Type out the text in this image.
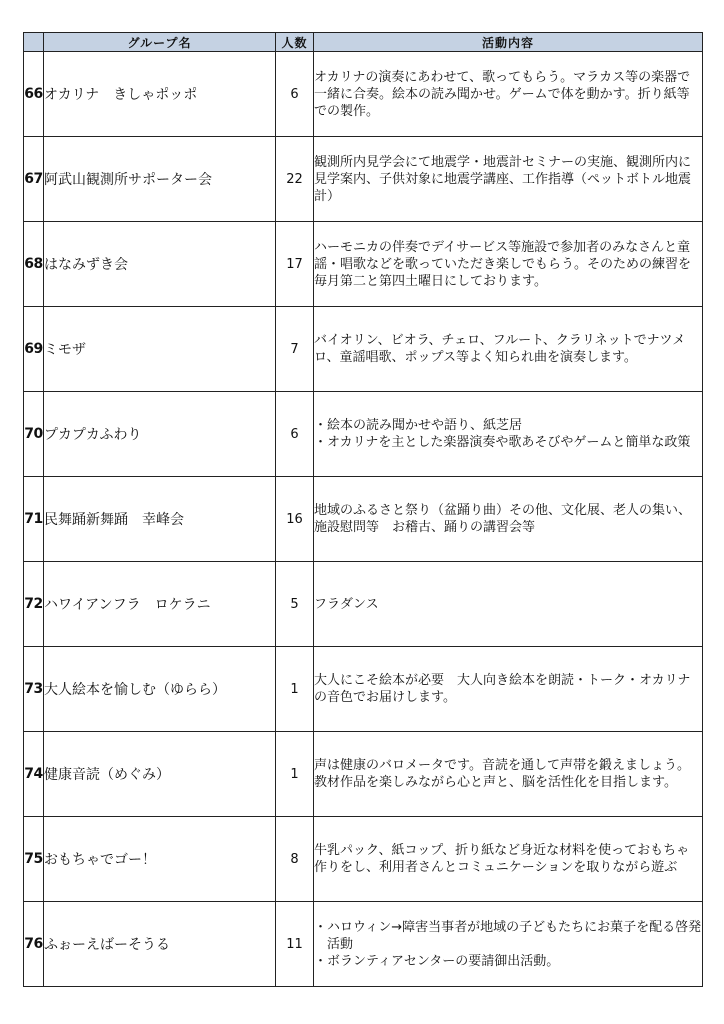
	グループ名	人数	活動内容
66	オカリナ　きしゃポッポ	6	オカリナの演奏にあわせて、歌ってもらう。マラカス等の楽器で一緒に合奏。絵本の読み聞かせ。ゲームで体を動かす。折り紙等での製作。

67	阿武山観測所サポーター会	22	観測所内見学会にて地震学・地震計セミナーの実施、観測所内に見学案内、子供対象に地震学講座、工作指導（ペットボトル地震計）

68	はなみずき会	17	ハーモニカの伴奏でデイサービス等施設で参加者のみなさんと童謡・唱歌などを歌っていただき楽しでもらう。そのための練習を毎月第二と第四土曜日にしております。

69	ミモザ	7	バイオリン、ビオラ、チェロ、フルート、クラリネットでナツメロ、童謡唱歌、ポップス等よく知られ曲を演奏します。

70	プカプカふわり	6	・絵本の読み聞かせや語り、紙芝居
・オカリナを主とした楽器演奏や歌あそびやゲームと簡単な政策

71	民舞踊新舞踊　幸峰会	16	地域のふるさと祭り（盆踊り曲）その他、文化展、老人の集い、施設慰問等　お稽古、踊りの講習会等

72	ハワイアンフラ　ロケラニ	5	フラダンス

73	大人絵本を愉しむ（ゆらら）	1	大人にこそ絵本が必要　大人向き絵本を朗読・トーク・オカリナの音色でお届けします。

74	健康音読（めぐみ）	1	声は健康のバロメータです。音読を通して声帯を鍛えましょう。教材作品を楽しみながら心と声と、脳を活性化を目指します。

75	おもちゃでゴー！	8	牛乳パック、紙コップ、折り紙など身近な材料を使っておもちゃ作りをし、利用者さんとコミュニケーションを取りながら遊ぶ

76	ふぉーえばーそうる	11	・ハロウィン→障害当事者が地域の子どもたちにお菓子を配る啓発活動
・ボランティアセンターの要請御出活動。
